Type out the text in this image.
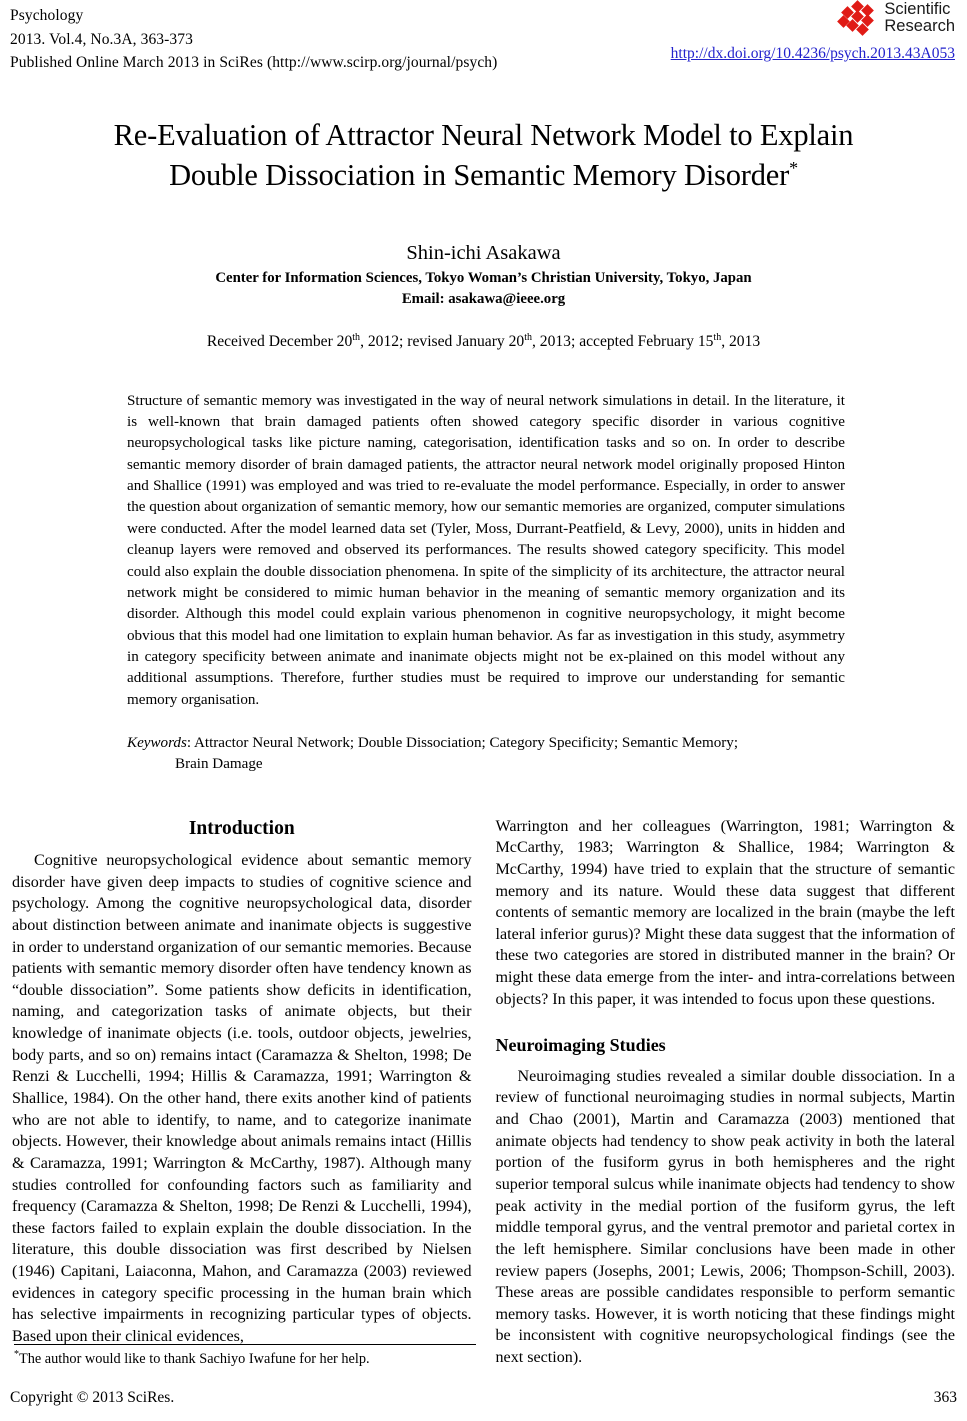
Psychology
2013. Vol.4, No.3A, 363-373
Published Online March 2013 in SciRes (http://www.scirp.org/journal/psych)
Scientific
Research
http://dx.doi.org/10.4236/psych.2013.43A053
Re-Evaluation of Attractor Neural Network Model to Explain
Double Dissociation in Semantic Memory Disorder*
Shin-ichi Asakawa
Center for Information Sciences, Tokyo Woman’s Christian University, Tokyo, Japan
Email: asakawa@ieee.org
Received December 20th, 2012; revised January 20th, 2013; accepted February 15th, 2013

Structure of semantic memory was investigated in the way of neural network simulations in detail. In the literature, it is well-known that brain damaged patients often showed category specific disorder in various cognitive neuropsychological tasks like picture naming, categorisation, identification tasks and so on. In order to describe semantic memory disorder of brain damaged patients, the attractor neural network model originally proposed Hinton and Shallice (1991) was employed and was tried to re-evaluate the model performance. Especially, in order to answer the question about organization of semantic memory, how our semantic memories are organized, computer simulations were conducted. After the model learned data set (Tyler, Moss, Durrant-Peatfield, & Levy, 2000), units in hidden and cleanup layers were removed and observed its performances. The results showed category specificity. This model could also explain the double dissociation phenomena. In spite of the simplicity of its architecture, the attractor neural network might be considered to mimic human behavior in the meaning of semantic memory organization and its disorder. Although this model could explain various phenomenon in cognitive neuropsychology, it might become obvious that this model had one limitation to explain human behavior. As far as investigation in this study, asymmetry in category specificity between animate and inanimate objects might not be ex-plained on this model without any additional assumptions. Therefore, further studies must be required to improve our understanding for semantic memory organisation.

Keywords: Attractor Neural Network; Double Dissociation; Category Specificity; Semantic Memory;
Brain Damage
Introduction

Cognitive neuropsychological evidence about semantic memory disorder have given deep impacts to studies of cognitive science and psychology. Among the cognitive neuropsychological data, disorder about distinction between animate and inanimate objects is suggestive in order to understand organization of our semantic memories. Because patients with semantic memory disorder often have tendency known as “double dissociation”. Some patients show deficits in identification, naming, and categorization tasks of animate objects, but their knowledge of inanimate objects (i.e. tools, outdoor objects, jewelries, body parts, and so on) remains intact (Caramazza & Shelton, 1998; De Renzi & Lucchelli, 1994; Hillis & Caramazza, 1991; Warrington & Shallice, 1984). On the other hand, there exits another kind of patients who are not able to identify, to name, and to categorize inanimate objects. However, their knowledge about animals remains intact (Hillis & Caramazza, 1991; Warrington & McCarthy, 1987). Although many studies controlled for confounding factors such as familiarity and frequency (Caramazza & Shelton, 1998; De Renzi & Lucchelli, 1994), these factors failed to explain explain the double dissociation. In the literature, this double dissociation was first described by Nielsen (1946) Capitani, Laiaconna, Mahon, and Caramazza (2003) reviewed evidences in category specific processing in the human brain which has selective impairments in recognizing particular types of objects. Based upon their clinical evidences,

*The author would like to thank Sachiyo Iwafune for her help.

Warrington and her colleagues (Warrington, 1981; Warrington & McCarthy, 1983; Warrington & Shallice, 1984; Warrington & McCarthy, 1994) have tried to explain that the structure of semantic memory and its nature. Would these data suggest that different contents of semantic memory are localized in the brain (maybe the left lateral inferior gurus)? Might these data suggest that the information of these two categories are stored in distributed manner in the brain? Or might these data emerge from the inter- and intra-correlations between objects? In this paper, it was intended to focus upon these questions.

Neuroimaging Studies

Neuroimaging studies revealed a similar double dissociation. In a review of functional neuroimaging studies in normal subjects, Martin and Chao (2001), Martin and Caramazza (2003) mentioned that animate objects had tendency to show peak activity in both the lateral portion of the fusiform gyrus in both hemispheres and the right superior temporal sulcus while inanimate objects had tendency to show peak activity in the medial portion of the fusiform gyrus, the left middle temporal gyrus, and the ventral premotor and parietal cortex in the left hemisphere. Similar conclusions have been made in other review papers (Josephs, 2001; Lewis, 2006; Thompson-Schill, 2003). These areas are possible candidates responsible to perform semantic memory tasks. However, it is worth noticing that these findings might be inconsistent with cognitive neuropsychological findings (see the next section).

Copyright © 2013 SciRes.	363
